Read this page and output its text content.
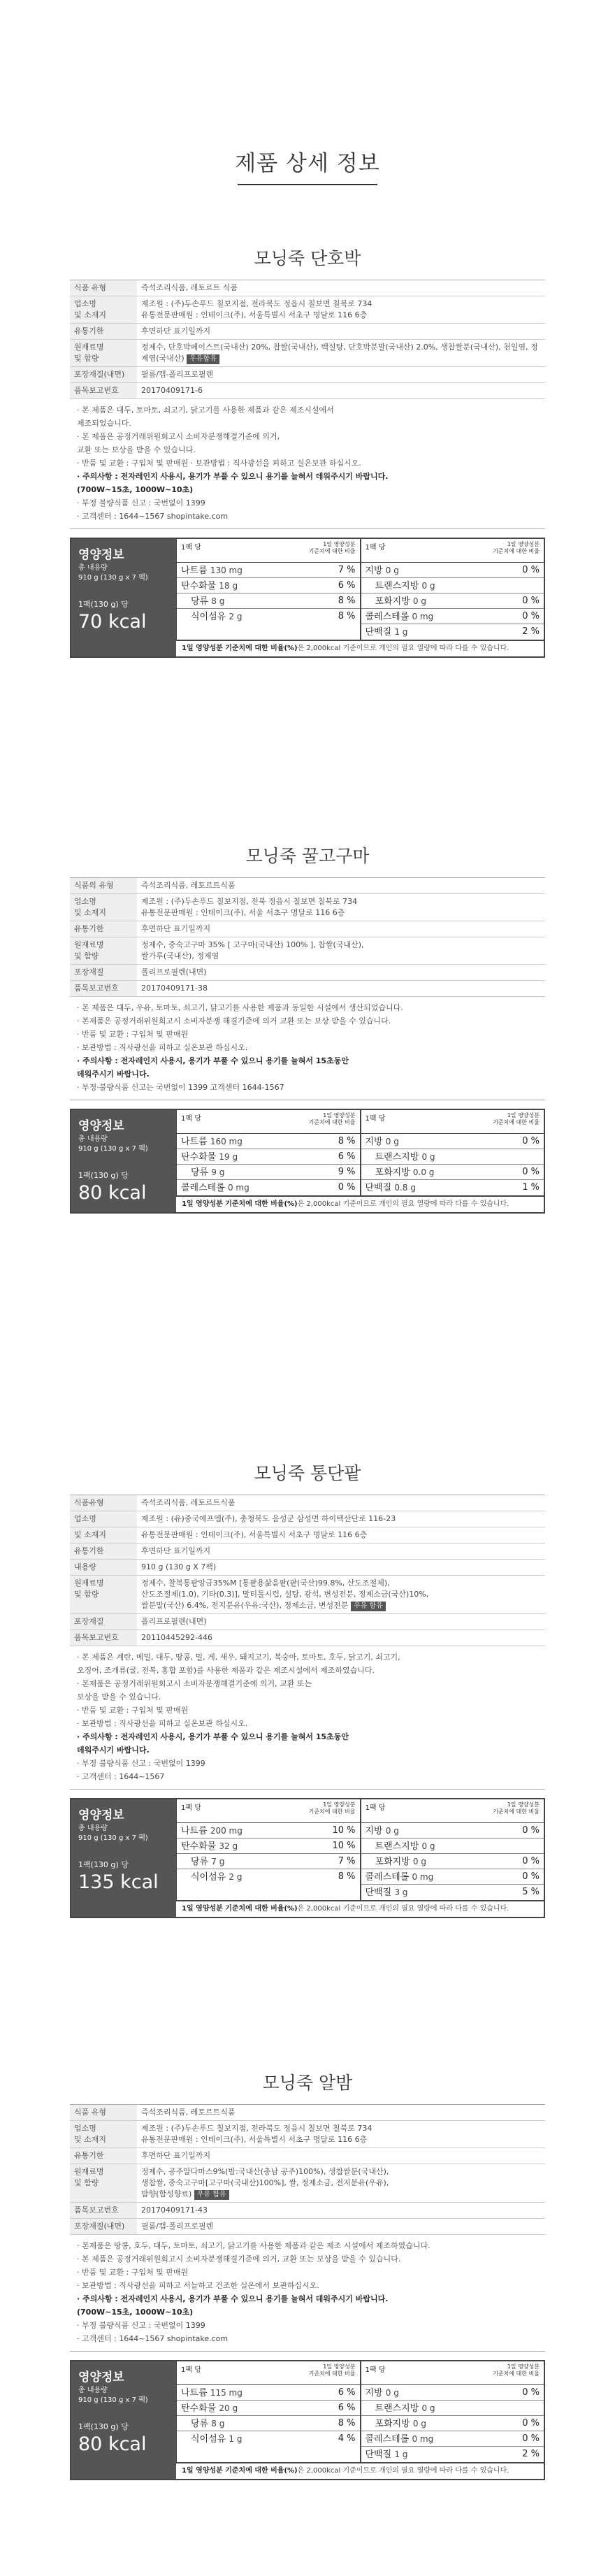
제품 상세 정보
모닝죽 단호박
식품 유형	즉석조리식품, 레토르트 식품
업소명
및 소재지	제조원 : (주)두손푸드 칠보지점, 전라북도 정읍시 칠보면 칠북로 734
유통전문판매원 : 인테이크(주), 서울특별시 서초구 명달로 116 6층
유통기한	후면하단 표기일까지
원재료명
및 함량	정제수, 단호박페이스트(국내산) 20%, 찹쌀(국내산), 백설탕, 단호박분말(국내산) 2.0%, 생찹쌀분(국내산), 천일염, 정제염(국내산) 우유함유
포장재질(내면)	필름/캡-폴리프로필렌
품목보고번호	20170409171-6
· 본 제품은 대두, 토마토, 쇠고기, 닭고기를 사용한 제품과 같은 제조시설에서
제조되었습니다.
· 본 제품은 공정거래위원회고시 소비자분쟁해결기준에 의거,
교환 또는 보상을 받을 수 있습니다.
· 반품 및 교환 : 구입처 및 판매원 · 보관방법 : 직사광선을 피하고 실온보관 하십시오.
· 주의사항 : 전자레인지 사용시, 용기가 부풀 수 있으니 용기를 늘혀서 데워주시기 바랍니다.
(700W~15초, 1000W~10초)
· 부정 불량식품 신고 : 국번없이 1399
· 고객센터 : 1644~1567 shopintake.com
영양정보
총 내용량
910 g (130 g x 7 팩)
1팩(130 g) 당
70 kcal
1팩 당	1일 영양성분
기준치에 대한 비율
나트륨 130 mg	7 %
탄수화물 18 g	6 %
당류 8 g	8 %
식이섬유 2 g	8 %
1팩 당	1일 영양성분
기준치에 대한 비율
지방 0 g	0 %
트랜스지방 0 g
포화지방 0 g	0 %
콜레스테롤 0 mg	0 %
단백질 1 g	2 %
1일 영양성분 기준치에 대한 비율(%)은 2,000kcal 기준이므로 개인의 필요 열량에 따라 다를 수 있습니다.
모닝죽 꿀고구마
식품의 유형	즉석조리식품, 레토르트식품
업소명
및 소재지	제조원 : (주)두손푸드 칠보지점, 전북 정읍시 칠보면 칠북로 734
유통전문판매원 : 인테이크(주), 서울 서초구 명달로 116 6층
유통기한	후면하단 표기일까지
원재료명
및 함량	정제수, 중숙고구마 35% [ 고구마(국내산) 100% ], 찹쌀(국내산),
쌀가루(국내산), 정제염
포장재질	폴리프로필렌(내면)
품목보고번호	20170409171-38
· 본 제품은 대두, 우유, 토마토, 쇠고기, 닭고기를 사용한 제품과 동일한 시설에서 생산되었습니다.
· 본제품은 공정거래위원회고시 소비자분쟁 해결기준에 의거 교환 또는 보상 받을 수 있습니다.
· 반품 및 교환 : 구입처 및 판매원
· 보관방법 : 직사광선을 피하고 실온보관 하십시오.
· 주의사항 : 전자레인지 사용시, 용기가 부풀 수 있으니 용기를 늘혀서 15초동안
데워주시기 바랍니다.
· 부정·불량식품 신고는 국번없이 1399 고객센터 1644-1567
영양정보
총 내용량
910 g (130 g x 7 팩)
1팩(130 g) 당
80 kcal
1팩 당	1일 영양성분
기준치에 대한 비율
나트륨 160 mg	8 %
탄수화물 19 g	6 %
당류 9 g	9 %
콜레스테롤 0 mg	0 %
1팩 당	1일 영양성분
기준치에 대한 비율
지방 0 g	0 %
트랜스지방 0 g
포화지방 0.0 g	0 %
단백질 0.8 g	1 %
1일 영양성분 기준치에 대한 비율(%)은 2,000kcal 기준이므로 개인의 필요 열량에 따라 다를 수 있습니다.
모닝죽 통단팥
식품유형	즉석조리식품, 레토르트식품
업소명	제조원 : (유)중국에프엠(주), 충청북도 음성군 삼성면 하이텍산단로 116-23
및 소재지	유통전문판매원 : 인테이크(주), 서울특별시 서초구 명달로 116 6층
유통기한	후면하단 표기일까지
내용량	910 g (130 g X 7팩)
원재료명
및 함량	정제수, 찰복통팥앙금35%M [통팥용삶음팥(팥(국산)99.8%, 산도조절제),
산도조절제(1.0), 기타(0.3)], 말티톨시럽, 설탕, 광석, 변성전분, 정제소금(국산)10%,
쌀분말(국산) 6.4%, 전지분유(우유:국산), 정제소금, 변성전분 우유 함유
포장재질	폴리프로필렌(내면)
품목보고번호	20110445292-446
· 본 제품은 계란, 메밀, 대두, 땅콩, 밀, 게, 새우, 돼지고기, 복숭아, 토마토, 호두, 닭고기, 쇠고기,
오징어, 조개류(굴, 전복, 홍합 포함)를 사용한 제품과 같은 제조시설에서 제조하였습니다.
· 본제품은 공정거래위원회고시 소비자분쟁해결기준에 의거, 교환 또는
보상을 받을 수 있습니다.
· 반품 및 교환 : 구입처 및 판매원
· 보관방법 : 직사광선을 피하고 실온보관 하십시오.
· 주의사항 : 전자레인지 사용시, 용기가 부풀 수 있으니 용기를 늘혀서 15초동안
데워주시기 바랍니다.
· 부정 불량식품 신고 : 국번없이 1399
· 고객센터 : 1644~1567
영양정보
총 내용량
910 g (130 g x 7 팩)
1팩(130 g) 당
135 kcal
1팩 당	1일 영양성분
기준치에 대한 비율
나트륨 200 mg	10 %
탄수화물 32 g	10 %
당류 7 g	7 %
식이섬유 2 g	8 %
1팩 당	1일 영양성분
기준치에 대한 비율
지방 0 g	0 %
트랜스지방 0 g
포화지방 0 g	0 %
콜레스테롤 0 mg	0 %
단백질 3 g	5 %
1일 영양성분 기준치에 대한 비율(%)은 2,000kcal 기준이므로 개인의 필요 열량에 따라 다를 수 있습니다.
모닝죽 알밤
식품 유형	즉석조리식품, 레토르트식품
업소명
및 소재지	제조원 : (주)두손푸드 칠보지점, 전라북도 정읍시 칠보면 칠북로 734
유통전문판매원 : 인테이크(주), 서울특별시 서초구 명달로 116 6층
유통기한	후면하단 표기일까지
원재료명
및 함량	정제수, 공주알다마스9%(밤:국내산(충남 공주)100%), 생찹쌀분(국내산),
생찹쌀, 중숙고구마[고구마(국내산)100%], 쌀, 정제소금, 전지분유(우유),
밤향(합성향료) 우유 함유
품목보고번호	20170409171-43
포장재질(내면)	필름/캡-폴리프로필렌
· 본제품은 땅콩, 호두, 대두, 토마토, 쇠고기, 닭고기를 사용한 제품과 같은 제조 시설에서 제조하였습니다.
· 본 제품은 공정거래위원회고시 소비자분쟁해결기준에 의거, 교환 또는 보상을 받을 수 있습니다.
· 반품 및 교환 : 구입처 및 판매원
· 보관방법 : 직사광선을 피하고 서늘하고 건조한 실온에서 보관하십시오.
· 주의사항 : 전자레인지 사용시, 용기가 부풀 수 있으니 용기를 늘혀서 데워주시기 바랍니다.
(700W~15초, 1000W~10초)
· 부정 불량식품 신고 : 국번없이 1399
· 고객센터 : 1644~1567 shopintake.com
영양정보
총 내용량
910 g (130 g x 7 팩)
1팩(130 g) 당
80 kcal
1팩 당	1일 영양성분
기준치에 대한 비율
나트륨 115 mg	6 %
탄수화물 20 g	6 %
당류 8 g	8 %
식이섬유 1 g	4 %
1팩 당	1일 영양성분
기준치에 대한 비율
지방 0 g	0 %
트랜스지방 0 g
포화지방 0 g	0 %
콜레스테롤 0 mg	0 %
단백질 1 g	2 %
1일 영양성분 기준치에 대한 비율(%)은 2,000kcal 기준이므로 개인의 필요 열량에 따라 다를 수 있습니다.
